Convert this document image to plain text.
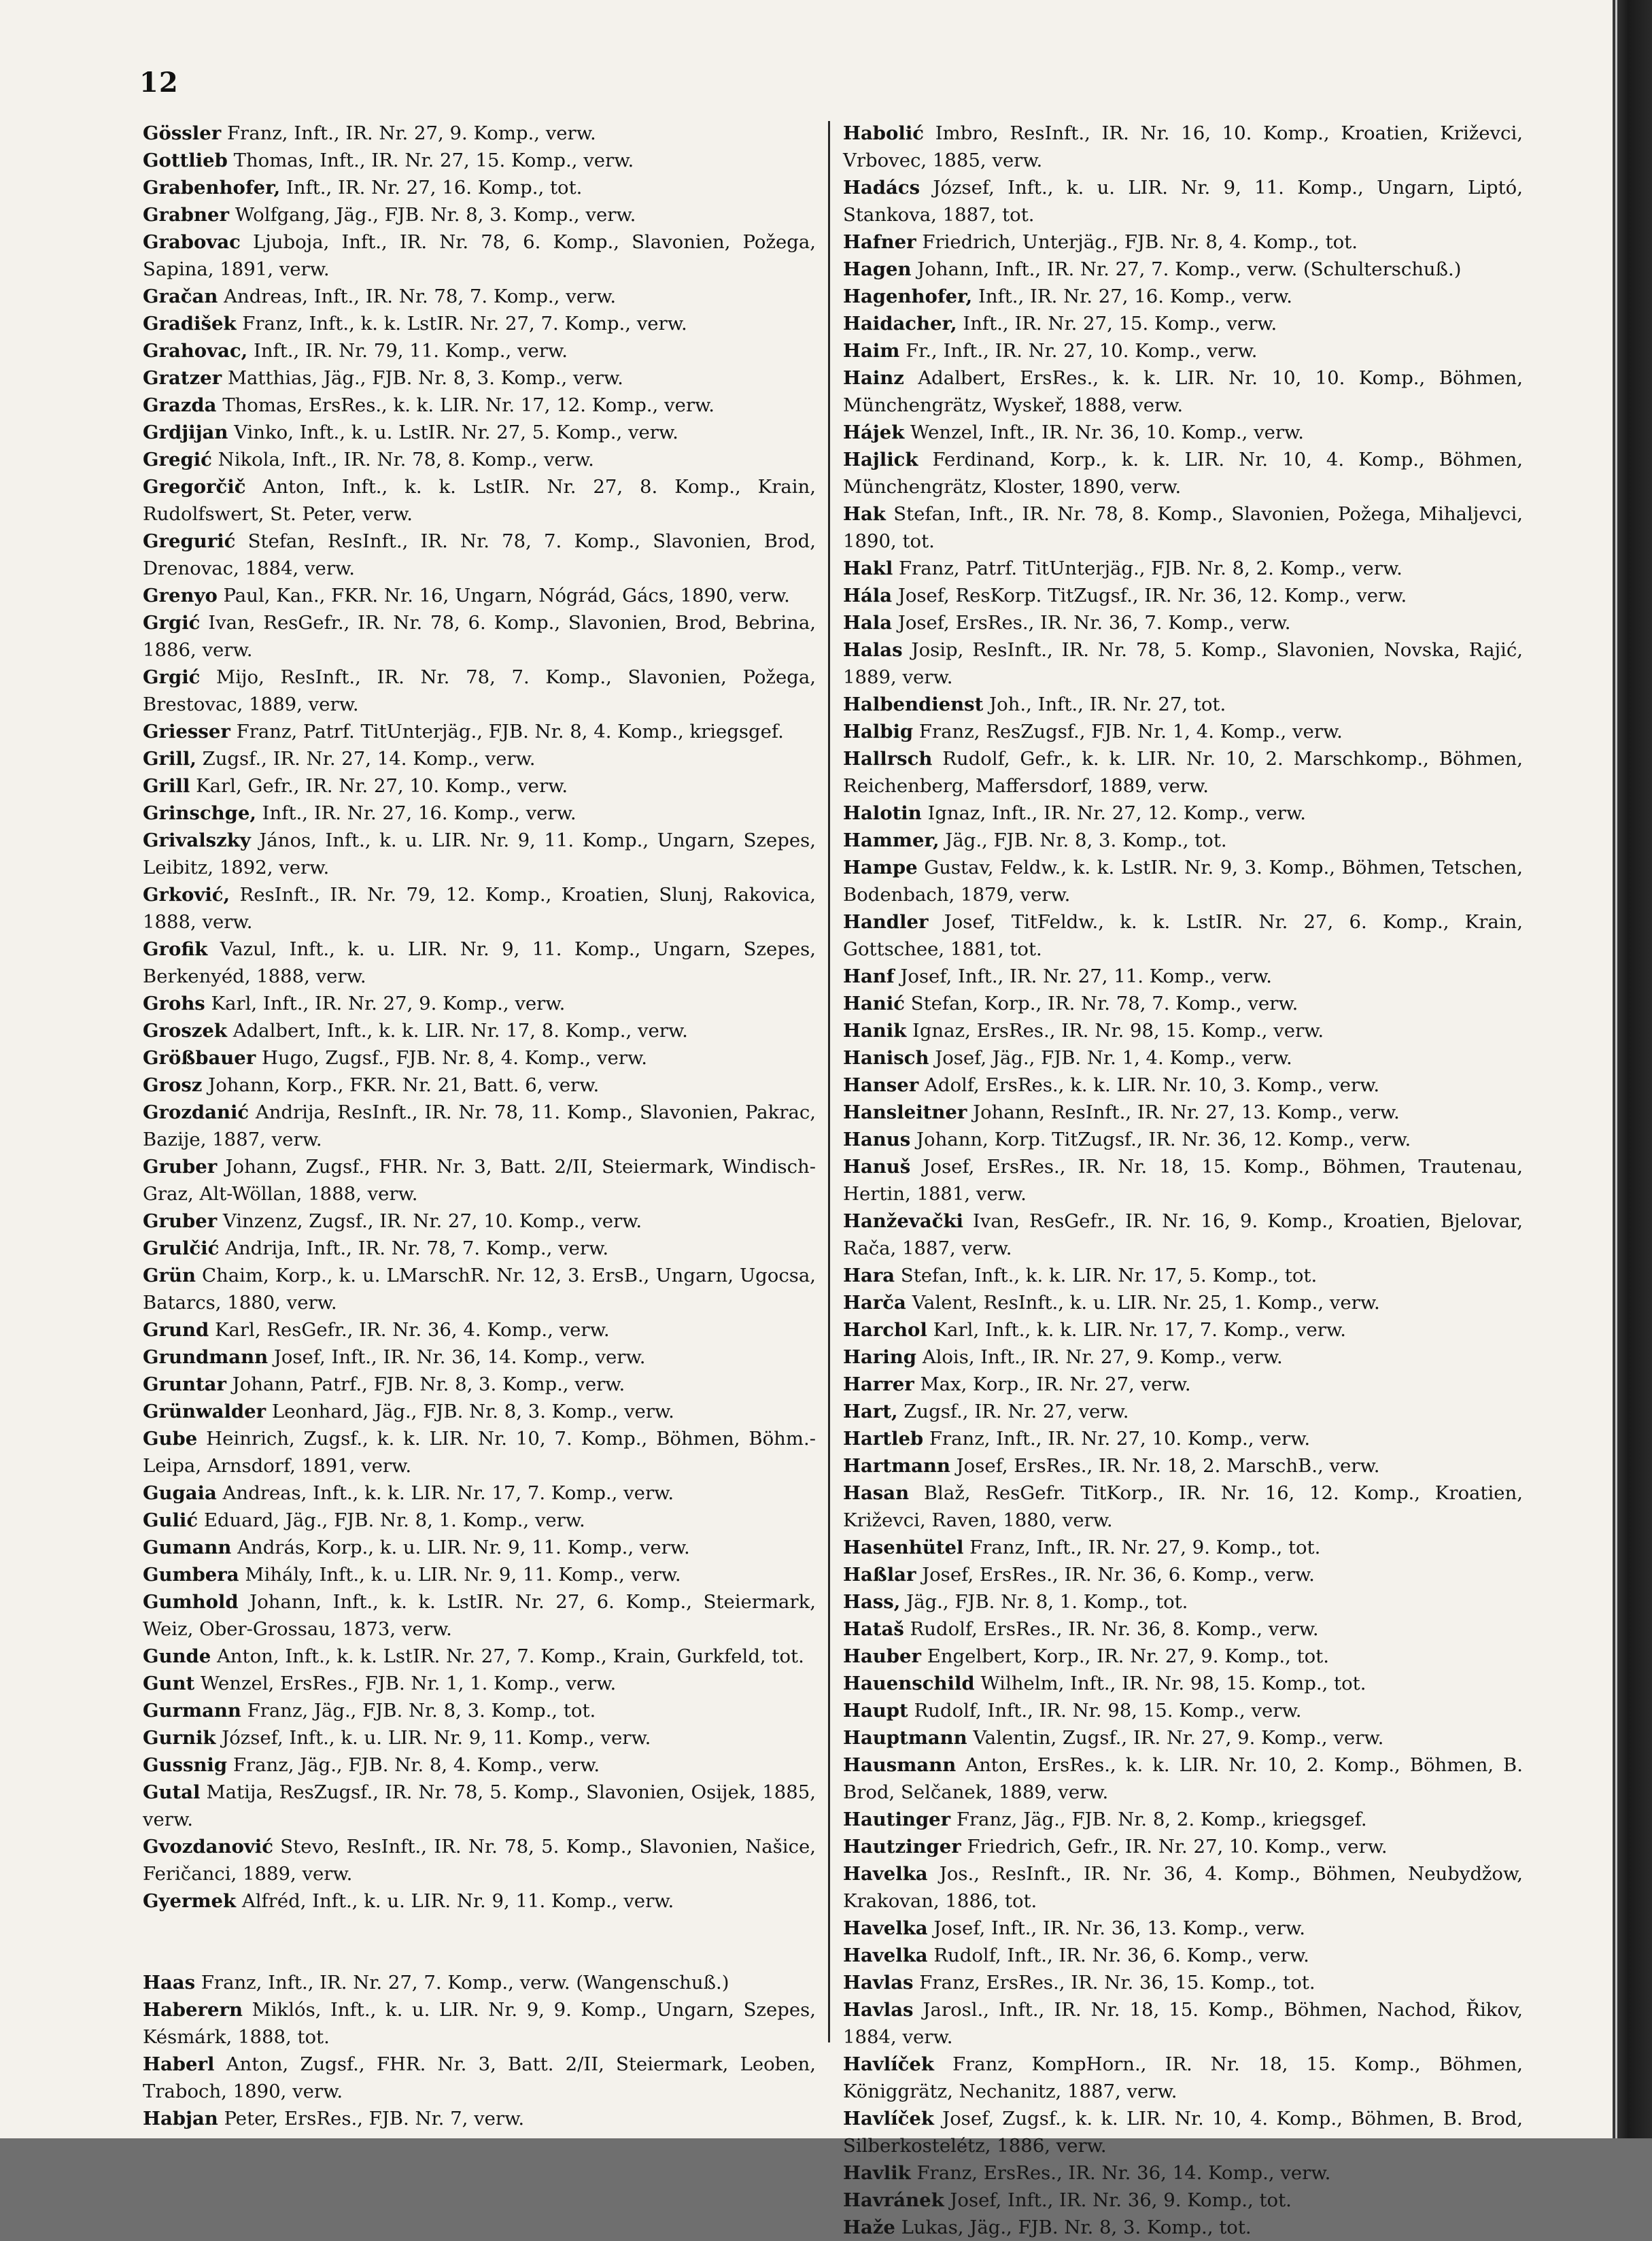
12

Gössler Franz, Inft., IR. Nr. 27, 9. Komp., verw.

Gottlieb Thomas, Inft., IR. Nr. 27, 15. Komp., verw.

Grabenhofer, Inft., IR. Nr. 27, 16. Komp., tot.

Grabner Wolfgang, Jäg., FJB. Nr. 8, 3. Komp., verw.

Grabovac Ljuboja, Inft., IR. Nr. 78, 6. Komp., Slavonien, Požega, Sapina, 1891, verw.

Gračan Andreas, Inft., IR. Nr. 78, 7. Komp., verw.

Gradišek Franz, Inft., k. k. LstIR. Nr. 27, 7. Komp., verw.

Grahovac, Inft., IR. Nr. 79, 11. Komp., verw.

Gratzer Matthias, Jäg., FJB. Nr. 8, 3. Komp., verw.

Grazda Thomas, ErsRes., k. k. LIR. Nr. 17, 12. Komp., verw.

Grdjijan Vinko, Inft., k. u. LstIR. Nr. 27, 5. Komp., verw.

Gregić Nikola, Inft., IR. Nr. 78, 8. Komp., verw.

Gregorčič Anton, Inft., k. k. LstIR. Nr. 27, 8. Komp., Krain, Rudolfswert, St. Peter, verw.

Gregurić Stefan, ResInft., IR. Nr. 78, 7. Komp., Slavonien, Brod, Drenovac, 1884, verw.

Grenyo Paul, Kan., FKR. Nr. 16, Ungarn, Nógrád, Gács, 1890, verw.

Grgić Ivan, ResGefr., IR. Nr. 78, 6. Komp., Slavonien, Brod, Bebrina, 1886, verw.

Grgić Mijo, ResInft., IR. Nr. 78, 7. Komp., Slavonien, Požega, Brestovac, 1889, verw.

Griesser Franz, Patrf. TitUnterjäg., FJB. Nr. 8, 4. Komp., kriegsgef.

Grill, Zugsf., IR. Nr. 27, 14. Komp., verw.

Grill Karl, Gefr., IR. Nr. 27, 10. Komp., verw.

Grinschge, Inft., IR. Nr. 27, 16. Komp., verw.

Grivalszky János, Inft., k. u. LIR. Nr. 9, 11. Komp., Ungarn, Szepes, Leibitz, 1892, verw.

Grković, ResInft., IR. Nr. 79, 12. Komp., Kroatien, Slunj, Rakovica, 1888, verw.

Grofik Vazul, Inft., k. u. LIR. Nr. 9, 11. Komp., Ungarn, Szepes, Berkenyéd, 1888, verw.

Grohs Karl, Inft., IR. Nr. 27, 9. Komp., verw.

Groszek Adalbert, Inft., k. k. LIR. Nr. 17, 8. Komp., verw.

Größbauer Hugo, Zugsf., FJB. Nr. 8, 4. Komp., verw.

Grosz Johann, Korp., FKR. Nr. 21, Batt. 6, verw.

Grozdanić Andrija, ResInft., IR. Nr. 78, 11. Komp., Slavonien, Pakrac, Bazije, 1887, verw.

Gruber Johann, Zugsf., FHR. Nr. 3, Batt. 2/II, Steiermark, Windisch-Graz, Alt-Wöllan, 1888, verw.

Gruber Vinzenz, Zugsf., IR. Nr. 27, 10. Komp., verw.

Grulčić Andrija, Inft., IR. Nr. 78, 7. Komp., verw.

Grün Chaim, Korp., k. u. LMarschR. Nr. 12, 3. ErsB., Ungarn, Ugocsa, Batarcs, 1880, verw.

Grund Karl, ResGefr., IR. Nr. 36, 4. Komp., verw.

Grundmann Josef, Inft., IR. Nr. 36, 14. Komp., verw.

Gruntar Johann, Patrf., FJB. Nr. 8, 3. Komp., verw.

Grünwalder Leonhard, Jäg., FJB. Nr. 8, 3. Komp., verw.

Gube Heinrich, Zugsf., k. k. LIR. Nr. 10, 7. Komp., Böhmen, Böhm.-Leipa, Arnsdorf, 1891, verw.

Gugaia Andreas, Inft., k. k. LIR. Nr. 17, 7. Komp., verw.

Gulić Eduard, Jäg., FJB. Nr. 8, 1. Komp., verw.

Gumann András, Korp., k. u. LIR. Nr. 9, 11. Komp., verw.

Gumbera Mihály, Inft., k. u. LIR. Nr. 9, 11. Komp., verw.

Gumhold Johann, Inft., k. k. LstIR. Nr. 27, 6. Komp., Steiermark, Weiz, Ober-Grossau, 1873, verw.

Gunde Anton, Inft., k. k. LstIR. Nr. 27, 7. Komp., Krain, Gurkfeld, tot.

Gunt Wenzel, ErsRes., FJB. Nr. 1, 1. Komp., verw.

Gurmann Franz, Jäg., FJB. Nr. 8, 3. Komp., tot.

Gurnik József, Inft., k. u. LIR. Nr. 9, 11. Komp., verw.

Gussnig Franz, Jäg., FJB. Nr. 8, 4. Komp., verw.

Gutal Matija, ResZugsf., IR. Nr. 78, 5. Komp., Slavonien, Osijek, 1885, verw.

Gvozdanović Stevo, ResInft., IR. Nr. 78, 5. Komp., Slavonien, Našice, Feričanci, 1889, verw.

Gyermek Alfréd, Inft., k. u. LIR. Nr. 9, 11. Komp., verw.

Haas Franz, Inft., IR. Nr. 27, 7. Komp., verw. (Wangenschuß.)

Haberern Miklós, Inft., k. u. LIR. Nr. 9, 9. Komp., Ungarn, Szepes, Késmárk, 1888, tot.

Haberl Anton, Zugsf., FHR. Nr. 3, Batt. 2/II, Steiermark, Leoben, Traboch, 1890, verw.

Habjan Peter, ErsRes., FJB. Nr. 7, verw.

Habolić Imbro, ResInft., IR. Nr. 16, 10. Komp., Kroatien, Križevci, Vrbovec, 1885, verw.

Hadács József, Inft., k. u. LIR. Nr. 9, 11. Komp., Ungarn, Liptó, Stankova, 1887, tot.

Hafner Friedrich, Unterjäg., FJB. Nr. 8, 4. Komp., tot.

Hagen Johann, Inft., IR. Nr. 27, 7. Komp., verw. (Schulterschuß.)

Hagenhofer, Inft., IR. Nr. 27, 16. Komp., verw.

Haidacher, Inft., IR. Nr. 27, 15. Komp., verw.

Haim Fr., Inft., IR. Nr. 27, 10. Komp., verw.

Hainz Adalbert, ErsRes., k. k. LIR. Nr. 10, 10. Komp., Böhmen, Münchengrätz, Wyskeř, 1888, verw.

Hájek Wenzel, Inft., IR. Nr. 36, 10. Komp., verw.

Hajlick Ferdinand, Korp., k. k. LIR. Nr. 10, 4. Komp., Böhmen, Münchengrätz, Kloster, 1890, verw.

Hak Stefan, Inft., IR. Nr. 78, 8. Komp., Slavonien, Požega, Mihaljevci, 1890, tot.

Hakl Franz, Patrf. TitUnterjäg., FJB. Nr. 8, 2. Komp., verw.

Hála Josef, ResKorp. TitZugsf., IR. Nr. 36, 12. Komp., verw.

Hala Josef, ErsRes., IR. Nr. 36, 7. Komp., verw.

Halas Josip, ResInft., IR. Nr. 78, 5. Komp., Slavonien, Novska, Rajić, 1889, verw.

Halbendienst Joh., Inft., IR. Nr. 27, tot.

Halbig Franz, ResZugsf., FJB. Nr. 1, 4. Komp., verw.

Hallrsch Rudolf, Gefr., k. k. LIR. Nr. 10, 2. Marschkomp., Böhmen, Reichenberg, Maffersdorf, 1889, verw.

Halotin Ignaz, Inft., IR. Nr. 27, 12. Komp., verw.

Hammer, Jäg., FJB. Nr. 8, 3. Komp., tot.

Hampe Gustav, Feldw., k. k. LstIR. Nr. 9, 3. Komp., Böhmen, Tetschen, Bodenbach, 1879, verw.

Handler Josef, TitFeldw., k. k. LstIR. Nr. 27, 6. Komp., Krain, Gottschee, 1881, tot.

Hanf Josef, Inft., IR. Nr. 27, 11. Komp., verw.

Hanić Stefan, Korp., IR. Nr. 78, 7. Komp., verw.

Hanik Ignaz, ErsRes., IR. Nr. 98, 15. Komp., verw.

Hanisch Josef, Jäg., FJB. Nr. 1, 4. Komp., verw.

Hanser Adolf, ErsRes., k. k. LIR. Nr. 10, 3. Komp., verw.

Hansleitner Johann, ResInft., IR. Nr. 27, 13. Komp., verw.

Hanus Johann, Korp. TitZugsf., IR. Nr. 36, 12. Komp., verw.

Hanuš Josef, ErsRes., IR. Nr. 18, 15. Komp., Böhmen, Trautenau, Hertin, 1881, verw.

Hanževački Ivan, ResGefr., IR. Nr. 16, 9. Komp., Kroatien, Bjelovar, Rača, 1887, verw.

Hara Stefan, Inft., k. k. LIR. Nr. 17, 5. Komp., tot.

Harča Valent, ResInft., k. u. LIR. Nr. 25, 1. Komp., verw.

Harchol Karl, Inft., k. k. LIR. Nr. 17, 7. Komp., verw.

Haring Alois, Inft., IR. Nr. 27, 9. Komp., verw.

Harrer Max, Korp., IR. Nr. 27, verw.

Hart, Zugsf., IR. Nr. 27, verw.

Hartleb Franz, Inft., IR. Nr. 27, 10. Komp., verw.

Hartmann Josef, ErsRes., IR. Nr. 18, 2. MarschB., verw.

Hasan Blaž, ResGefr. TitKorp., IR. Nr. 16, 12. Komp., Kroatien, Križevci, Raven, 1880, verw.

Hasenhütel Franz, Inft., IR. Nr. 27, 9. Komp., tot.

Haßlar Josef, ErsRes., IR. Nr. 36, 6. Komp., verw.

Hass, Jäg., FJB. Nr. 8, 1. Komp., tot.

Hataš Rudolf, ErsRes., IR. Nr. 36, 8. Komp., verw.

Hauber Engelbert, Korp., IR. Nr. 27, 9. Komp., tot.

Hauenschild Wilhelm, Inft., IR. Nr. 98, 15. Komp., tot.

Haupt Rudolf, Inft., IR. Nr. 98, 15. Komp., verw.

Hauptmann Valentin, Zugsf., IR. Nr. 27, 9. Komp., verw.

Hausmann Anton, ErsRes., k. k. LIR. Nr. 10, 2. Komp., Böhmen, B. Brod, Selčanek, 1889, verw.

Hautinger Franz, Jäg., FJB. Nr. 8, 2. Komp., kriegsgef.

Hautzinger Friedrich, Gefr., IR. Nr. 27, 10. Komp., verw.

Havelka Jos., ResInft., IR. Nr. 36, 4. Komp., Böhmen, Neubydžow, Krakovan, 1886, tot.

Havelka Josef, Inft., IR. Nr. 36, 13. Komp., verw.

Havelka Rudolf, Inft., IR. Nr. 36, 6. Komp., verw.

Havlas Franz, ErsRes., IR. Nr. 36, 15. Komp., tot.

Havlas Jarosl., Inft., IR. Nr. 18, 15. Komp., Böhmen, Nachod, Řikov, 1884, verw.

Havlíček Franz, KompHorn., IR. Nr. 18, 15. Komp., Böhmen, Königgrätz, Nechanitz, 1887, verw.

Havlíček Josef, Zugsf., k. k. LIR. Nr. 10, 4. Komp., Böhmen, B. Brod, Silberkostelétz, 1886, verw.

Havlik Franz, ErsRes., IR. Nr. 36, 14. Komp., verw.

Havránek Josef, Inft., IR. Nr. 36, 9. Komp., tot.

Haže Lukas, Jäg., FJB. Nr. 8, 3. Komp., tot.
